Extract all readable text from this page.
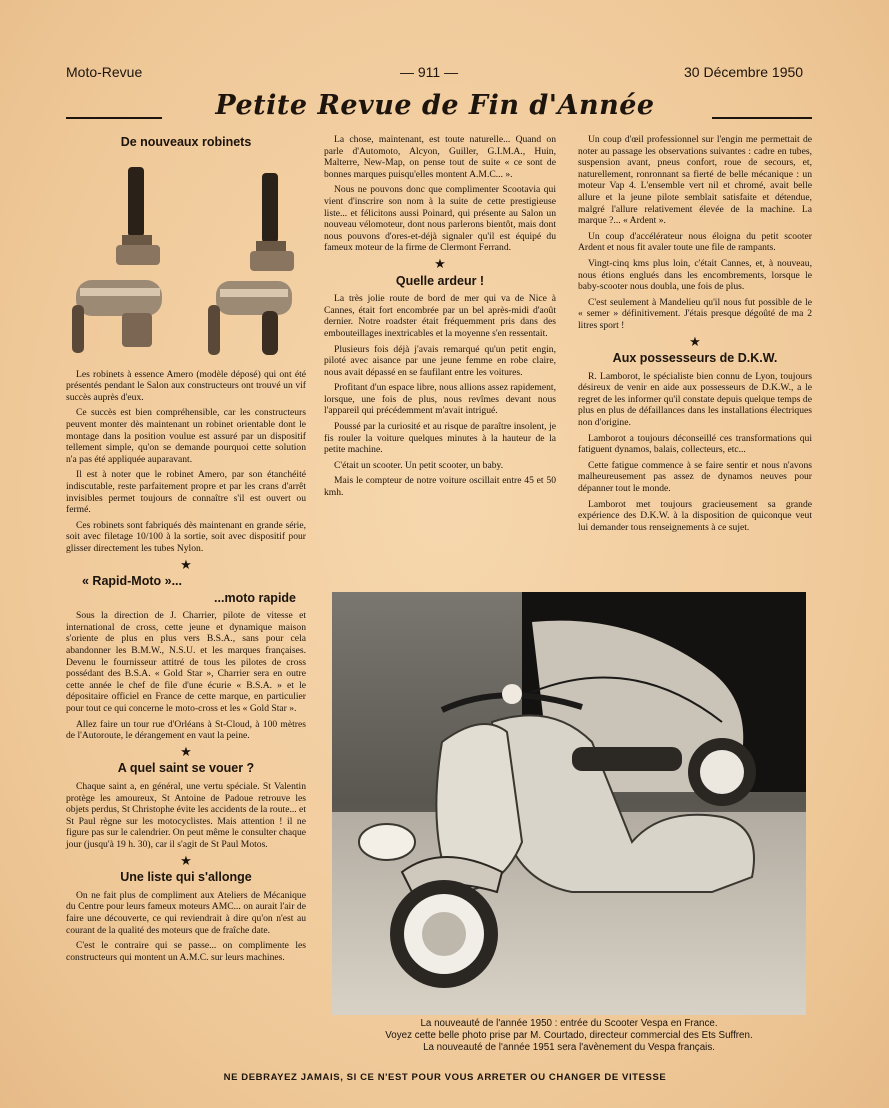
Moto-Revue	— 911 —	30 Décembre 1950
Petite Revue de Fin d'Année
De nouveaux robinets

Les robinets à essence Amero (modèle déposé) qui ont été présentés pendant le Salon aux constructeurs ont trouvé un vif succès auprès d'eux.

Ce succès est bien compréhensible, car les constructeurs peuvent monter dès maintenant un robinet orientable dont le montage dans la position voulue est assuré par un dispositif tellement simple, qu'on se demande pourquoi cette solution n'a pas été appliquée auparavant.

Il est à noter que le robinet Amero, par son étanchéité indiscutable, reste parfaitement propre et par les crans d'arrêt invisibles permet toujours de connaître s'il est ouvert ou fermé.

Ces robinets sont fabriqués dès maintenant en grande série, soit avec filetage 10/100 à la sortie, soit avec dispositif pour glisser directement les tubes Nylon.

★
« Rapid-Moto »...
...moto rapide

Sous la direction de J. Charrier, pilote de vitesse et international de cross, cette jeune et dynamique maison s'oriente de plus en plus vers B.S.A., sans pour cela abandonner les B.M.W., N.S.U. et les marques françaises. Devenu le fournisseur attitré de tous les pilotes de cross possédant des B.S.A. « Gold Star », Charrier sera en outre cette année le chef de file d'une écurie « B.S.A. » et le dépositaire officiel en France de cette marque, en particulier pour tout ce qui concerne le moto-cross et les « Gold Star ».

Allez faire un tour rue d'Orléans à St-Cloud, à 100 mètres de l'Autoroute, le dérangement en vaut la peine.

★
A quel saint se vouer ?

Chaque saint a, en général, une vertu spéciale. St Valentin protège les amoureux, St Antoine de Padoue retrouve les objets perdus, St Christophe évite les accidents de la route... et St Paul règne sur les motocyclistes. Mais attention ! il ne figure pas sur le calendrier. On peut même le consulter chaque jour (jusqu'à 19 h. 30), car il s'agit de St Paul Motos.

★
Une liste qui s'allonge

On ne fait plus de compliment aux Ateliers de Mécanique du Centre pour leurs fameux moteurs AMC... on aurait l'air de faire une découverte, ce qui reviendrait à dire qu'on n'est au courant de la qualité des moteurs que de fraîche date.

C'est le contraire qui se passe... on complimente les constructeurs qui montent un A.M.C. sur leurs machines.

La chose, maintenant, est toute naturelle... Quand on parle d'Automoto, Alcyon, Guiller, G.I.M.A., Huin, Malterre, New-Map, on pense tout de suite « ce sont de bonnes marques puisqu'elles montent A.M.C... ».

Nous ne pouvons donc que complimenter Scootavia qui vient d'inscrire son nom à la suite de cette prestigieuse liste... et félicitons aussi Poinard, qui présente au Salon un nouveau vélomoteur, dont nous parlerons bientôt, mais dont nous pouvons d'ores-et-déjà signaler qu'il est équipé du fameux moteur de la firme de Clermont Ferrand.

★
Quelle ardeur !

La très jolie route de bord de mer qui va de Nice à Cannes, était fort encombrée par un bel après-midi d'août dernier. Notre roadster était fréquemment pris dans des embouteillages inextricables et la moyenne s'en ressentait.

Plusieurs fois déjà j'avais remarqué qu'un petit engin, piloté avec aisance par une jeune femme en robe claire, nous avait dépassé en se faufilant entre les voitures.

Profitant d'un espace libre, nous allions assez rapidement, lorsque, une fois de plus, nous revîmes devant nous l'appareil qui précédemment m'avait intrigué.

Poussé par la curiosité et au risque de paraître insolent, je fis rouler la voiture quelques minutes à la hauteur de la petite machine.

C'était un scooter. Un petit scooter, un baby.

Mais le compteur de notre voiture oscillait entre 45 et 50 kmh.

Un coup d'œil professionnel sur l'engin me permettait de noter au passage les observations suivantes : cadre en tubes, suspension avant, pneus confort, roue de secours, et, naturellement, ronronnant sa fierté de belle mécanique : un moteur Vap 4. L'ensemble vert nil et chromé, avait belle allure et la jeune pilote semblait satisfaite et détendue, malgré l'allure relativement élevée de la machine. La marque ?... « Ardent ».

Un coup d'accélérateur nous éloigna du petit scooter Ardent et nous fit avaler toute une file de rampants.

Vingt-cinq kms plus loin, c'était Cannes, et, à nouveau, nous étions englués dans les encombrements, lorsque le baby-scooter nous doubla, une fois de plus.

C'est seulement à Mandelieu qu'il nous fut possible de le « semer » définitivement. J'étais presque dégoûté de ma 2 litres sport !

★
Aux possesseurs de D.K.W.

R. Lamborot, le spécialiste bien connu de Lyon, toujours désireux de venir en aide aux possesseurs de D.K.W., a le regret de les informer qu'il constate depuis quelque temps de plus en plus de défaillances dans les installations électriques non d'origine.

Lamborot a toujours déconseillé ces transformations qui fatiguent dynamos, balais, collecteurs, etc...

Cette fatigue commence à se faire sentir et nous n'avons malheureusement pas assez de dynamos neuves pour dépanner tout le monde.

Lamborot met toujours gracieusement sa grande expérience des D.K.W. à la disposition de quiconque veut lui demander tous renseignements à ce sujet.

La nouveauté de l'année 1950 : entrée du Scooter Vespa en France.
Voyez cette belle photo prise par M. Courtado, directeur commercial des Ets Suffren.
La nouveauté de l'année 1951 sera l'avènement du Vespa français.
NE DEBRAYEZ JAMAIS, SI CE N'EST POUR VOUS ARRETER OU CHANGER DE VITESSE
